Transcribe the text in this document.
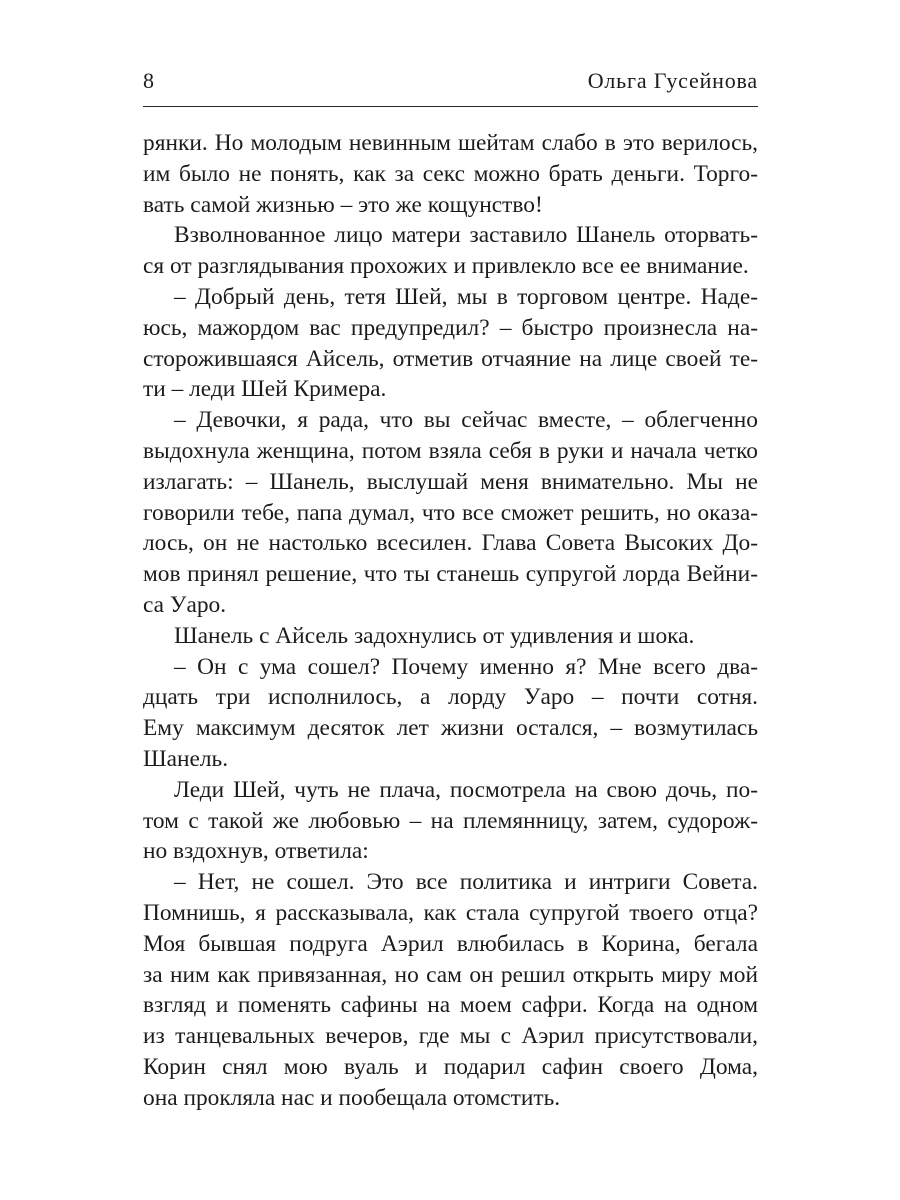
8	Ольга Гусейнова
рянки. Но молодым невинным шейтам слабо в это верилось,
им было не понять, как за секс можно брать деньги. Торго-
вать самой жизнью – это же кощунство!
Взволнованное лицо матери заставило Шанель оторвать-
ся от разглядывания прохожих и привлекло все ее внимание.
– Добрый день, тетя Шей, мы в торговом центре. Наде-
юсь, мажордом вас предупредил? – быстро произнесла на-
сторожившаяся Айсель, отметив отчаяние на лице своей те-
ти – леди Шей Кримера.
– Девочки, я рада, что вы сейчас вместе, – облегченно
выдохнула женщина, потом взяла себя в руки и начала четко
излагать: – Шанель, выслушай меня внимательно. Мы не
говорили тебе, папа думал, что все сможет решить, но оказа-
лось, он не настолько всесилен. Глава Совета Высоких До-
мов принял решение, что ты станешь супругой лорда Вейни-
са Уаро.
Шанель с Айсель задохнулись от удивления и шока.
– Он с ума сошел? Почему именно я? Мне всего два-
дцать три исполнилось, а лорду Уаро – почти сотня.
Ему максимум десяток лет жизни остался, – возмутилась
Шанель.
Леди Шей, чуть не плача, посмотрела на свою дочь, по-
том с такой же любовью – на племянницу, затем, судорож-
но вздохнув, ответила:
– Нет, не сошел. Это все политика и интриги Совета.
Помнишь, я рассказывала, как стала супругой твоего отца?
Моя бывшая подруга Аэрил влюбилась в Корина, бегала
за ним как привязанная, но сам он решил открыть миру мой
взгляд и поменять сафины на моем сафри. Когда на одном
из танцевальных вечеров, где мы с Аэрил присутствовали,
Корин снял мою вуаль и подарил сафин своего Дома,
она прокляла нас и пообещала отомстить.
